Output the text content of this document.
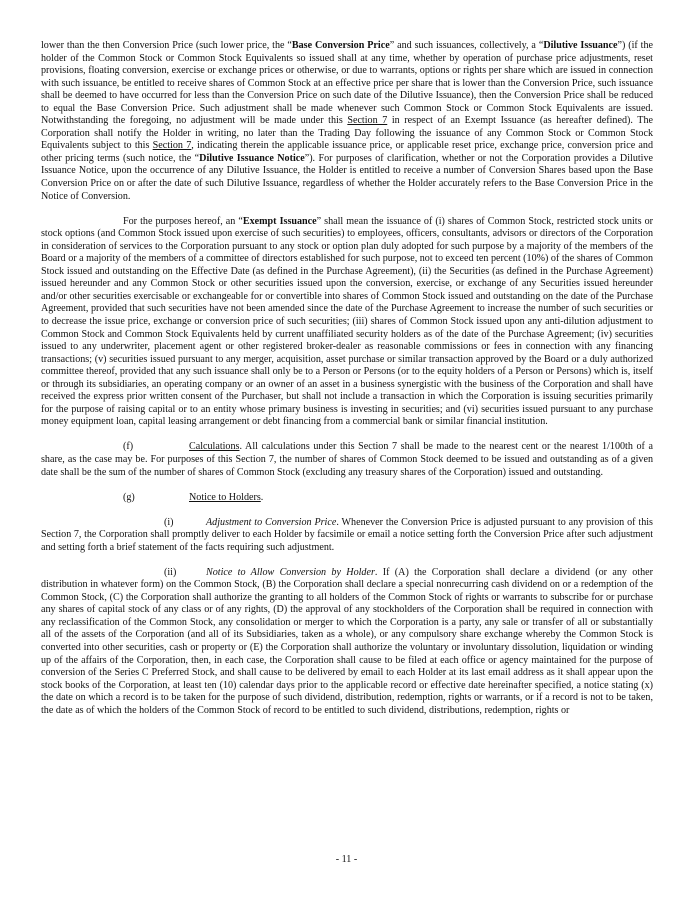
lower than the then Conversion Price (such lower price, the “Base Conversion Price” and such issuances, collectively, a “Dilutive Issuance”) (if the holder of the Common Stock or Common Stock Equivalents so issued shall at any time, whether by operation of purchase price adjustments, reset provisions, floating conversion, exercise or exchange prices or otherwise, or due to warrants, options or rights per share which are issued in connection with such issuance, be entitled to receive shares of Common Stock at an effective price per share that is lower than the Conversion Price, such issuance shall be deemed to have occurred for less than the Conversion Price on such date of the Dilutive Issuance), then the Conversion Price shall be reduced to equal the Base Conversion Price. Such adjustment shall be made whenever such Common Stock or Common Stock Equivalents are issued. Notwithstanding the foregoing, no adjustment will be made under this Section 7 in respect of an Exempt Issuance (as hereafter defined). The Corporation shall notify the Holder in writing, no later than the Trading Day following the issuance of any Common Stock or Common Stock Equivalents subject to this Section 7, indicating therein the applicable issuance price, or applicable reset price, exchange price, conversion price and other pricing terms (such notice, the “Dilutive Issuance Notice”). For purposes of clarification, whether or not the Corporation provides a Dilutive Issuance Notice, upon the occurrence of any Dilutive Issuance, the Holder is entitled to receive a number of Conversion Shares based upon the Base Conversion Price on or after the date of such Dilutive Issuance, regardless of whether the Holder accurately refers to the Base Conversion Price in the Notice of Conversion.

For the purposes hereof, an “Exempt Issuance” shall mean the issuance of (i) shares of Common Stock, restricted stock units or stock options (and Common Stock issued upon exercise of such securities) to employees, officers, consultants, advisors or directors of the Corporation in consideration of services to the Corporation pursuant to any stock or option plan duly adopted for such purpose by a majority of the members of the Board or a majority of the members of a committee of directors established for such purpose, not to exceed ten percent (10%) of the shares of Common Stock issued and outstanding on the Effective Date (as defined in the Purchase Agreement), (ii) the Securities (as defined in the Purchase Agreement) issued hereunder and any Common Stock or other securities issued upon the conversion, exercise, or exchange of any Securities issued hereunder and/or other securities exercisable or exchangeable for or convertible into shares of Common Stock issued and outstanding on the date of the Purchase Agreement, provided that such securities have not been amended since the date of the Purchase Agreement to increase the number of such securities or to decrease the issue price, exchange or conversion price of such securities; (iii) shares of Common Stock issued upon any anti-dilution adjustment to Common Stock and Common Stock Equivalents held by current unaffiliated security holders as of the date of the Purchase Agreement; (iv) securities issued to any underwriter, placement agent or other registered broker-dealer as reasonable commissions or fees in connection with any financing transactions; (v) securities issued pursuant to any merger, acquisition, asset purchase or similar transaction approved by the Board or a duly authorized committee thereof, provided that any such issuance shall only be to a Person or Persons (or to the equity holders of a Person or Persons) which is, itself or through its subsidiaries, an operating company or an owner of an asset in a business synergistic with the business of the Corporation and shall have received the express prior written consent of the Purchaser, but shall not include a transaction in which the Corporation is issuing securities primarily for the purpose of raising capital or to an entity whose primary business is investing in securities; and (vi) securities issued pursuant to any purchase money equipment loan, capital leasing arrangement or debt financing from a commercial bank or similar financial institution.

(f)	Calculations. All calculations under this Section 7 shall be made to the nearest cent or the nearest 1/100th of a share, as the case may be. For purposes of this Section 7, the number of shares of Common Stock deemed to be issued and outstanding as of a given date shall be the sum of the number of shares of Common Stock (excluding any treasury shares of the Corporation) issued and outstanding.

(g)	Notice to Holders.

(i)	Adjustment to Conversion Price. Whenever the Conversion Price is adjusted pursuant to any provision of this Section 7, the Corporation shall promptly deliver to each Holder by facsimile or email a notice setting forth the Conversion Price after such adjustment and setting forth a brief statement of the facts requiring such adjustment.

(ii)	Notice to Allow Conversion by Holder. If (A) the Corporation shall declare a dividend (or any other distribution in whatever form) on the Common Stock, (B) the Corporation shall declare a special nonrecurring cash dividend on or a redemption of the Common Stock, (C) the Corporation shall authorize the granting to all holders of the Common Stock of rights or warrants to subscribe for or purchase any shares of capital stock of any class or of any rights, (D) the approval of any stockholders of the Corporation shall be required in connection with any reclassification of the Common Stock, any consolidation or merger to which the Corporation is a party, any sale or transfer of all or substantially all of the assets of the Corporation (and all of its Subsidiaries, taken as a whole), or any compulsory share exchange whereby the Common Stock is converted into other securities, cash or property or (E) the Corporation shall authorize the voluntary or involuntary dissolution, liquidation or winding up of the affairs of the Corporation, then, in each case, the Corporation shall cause to be filed at each office or agency maintained for the purpose of conversion of the Series C Preferred Stock, and shall cause to be delivered by email to each Holder at its last email address as it shall appear upon the stock books of the Corporation, at least ten (10) calendar days prior to the applicable record or effective date hereinafter specified, a notice stating (x) the date on which a record is to be taken for the purpose of such dividend, distribution, redemption, rights or warrants, or if a record is not to be taken, the date as of which the holders of the Common Stock of record to be entitled to such dividend, distributions, redemption, rights or

- 11 -
